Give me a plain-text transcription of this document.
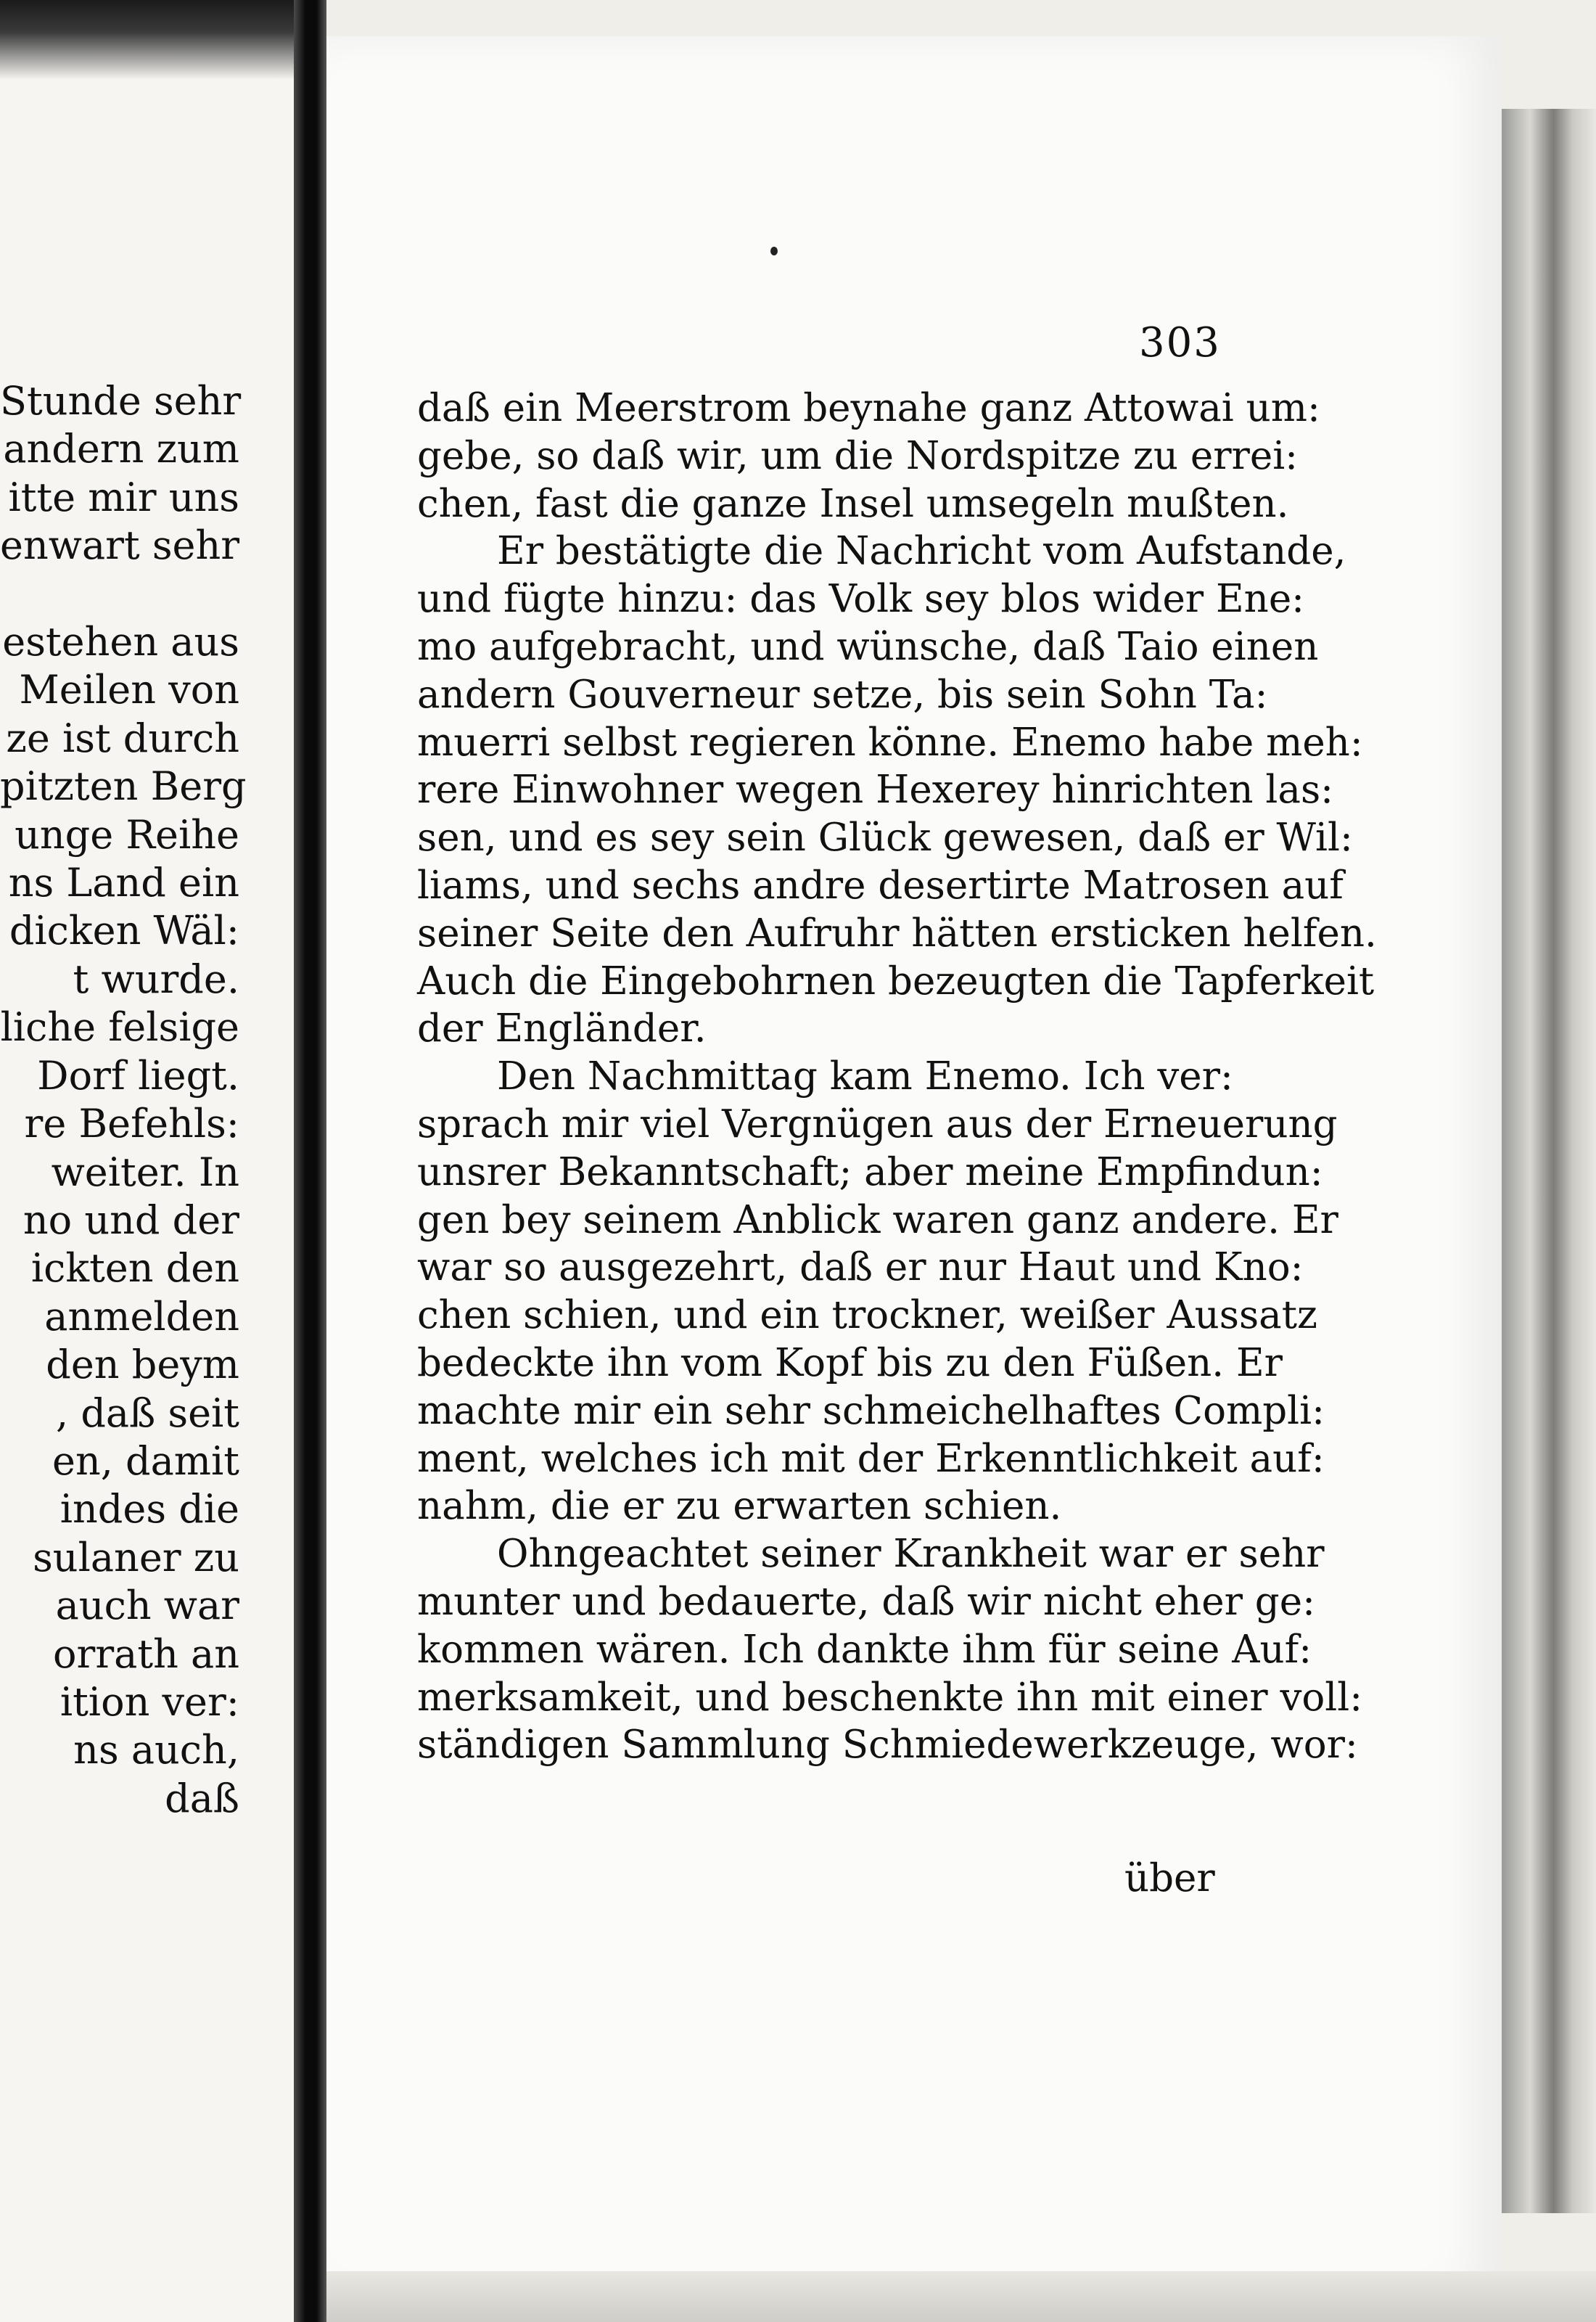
Stunde sehr
andern zum
itte mir uns
enwart sehr

estehen aus
Meilen von
ze ist durch
pitzten Berg
unge Reihe
ns Land ein
dicken Wäl:
t wurde.
liche felsige
Dorf liegt.
re Befehls:
weiter. In
no und der
ickten den
anmelden
den beym
, daß seit
en, damit
indes die
sulaner zu
auch war
orrath an
ition ver:
ns auch,
daß
303
daß ein Meerstrom beynahe ganz Attowai um:
gebe, so daß wir, um die Nordspitze zu errei:
chen, fast die ganze Insel umsegeln mußten.
Er bestätigte die Nachricht vom Aufstande,
und fügte hinzu: das Volk sey blos wider Ene:
mo aufgebracht, und wünsche, daß Taio einen
andern Gouverneur setze, bis sein Sohn Ta:
muerri selbst regieren könne. Enemo habe meh:
rere Einwohner wegen Hexerey hinrichten las:
sen, und es sey sein Glück gewesen, daß er Wil:
liams, und sechs andre desertirte Matrosen auf
seiner Seite den Aufruhr hätten ersticken helfen.
Auch die Eingebohrnen bezeugten die Tapferkeit
der Engländer.
Den Nachmittag kam Enemo. Ich ver:
sprach mir viel Vergnügen aus der Erneuerung
unsrer Bekanntschaft; aber meine Empfindun:
gen bey seinem Anblick waren ganz andere. Er
war so ausgezehrt, daß er nur Haut und Kno:
chen schien, und ein trockner, weißer Aussatz
bedeckte ihn vom Kopf bis zu den Füßen. Er
machte mir ein sehr schmeichelhaftes Compli:
ment, welches ich mit der Erkenntlichkeit auf:
nahm, die er zu erwarten schien.
Ohngeachtet seiner Krankheit war er sehr
munter und bedauerte, daß wir nicht eher ge:
kommen wären. Ich dankte ihm für seine Auf:
merksamkeit, und beschenkte ihn mit einer voll:
ständigen Sammlung Schmiedewerkzeuge, wor:
über
